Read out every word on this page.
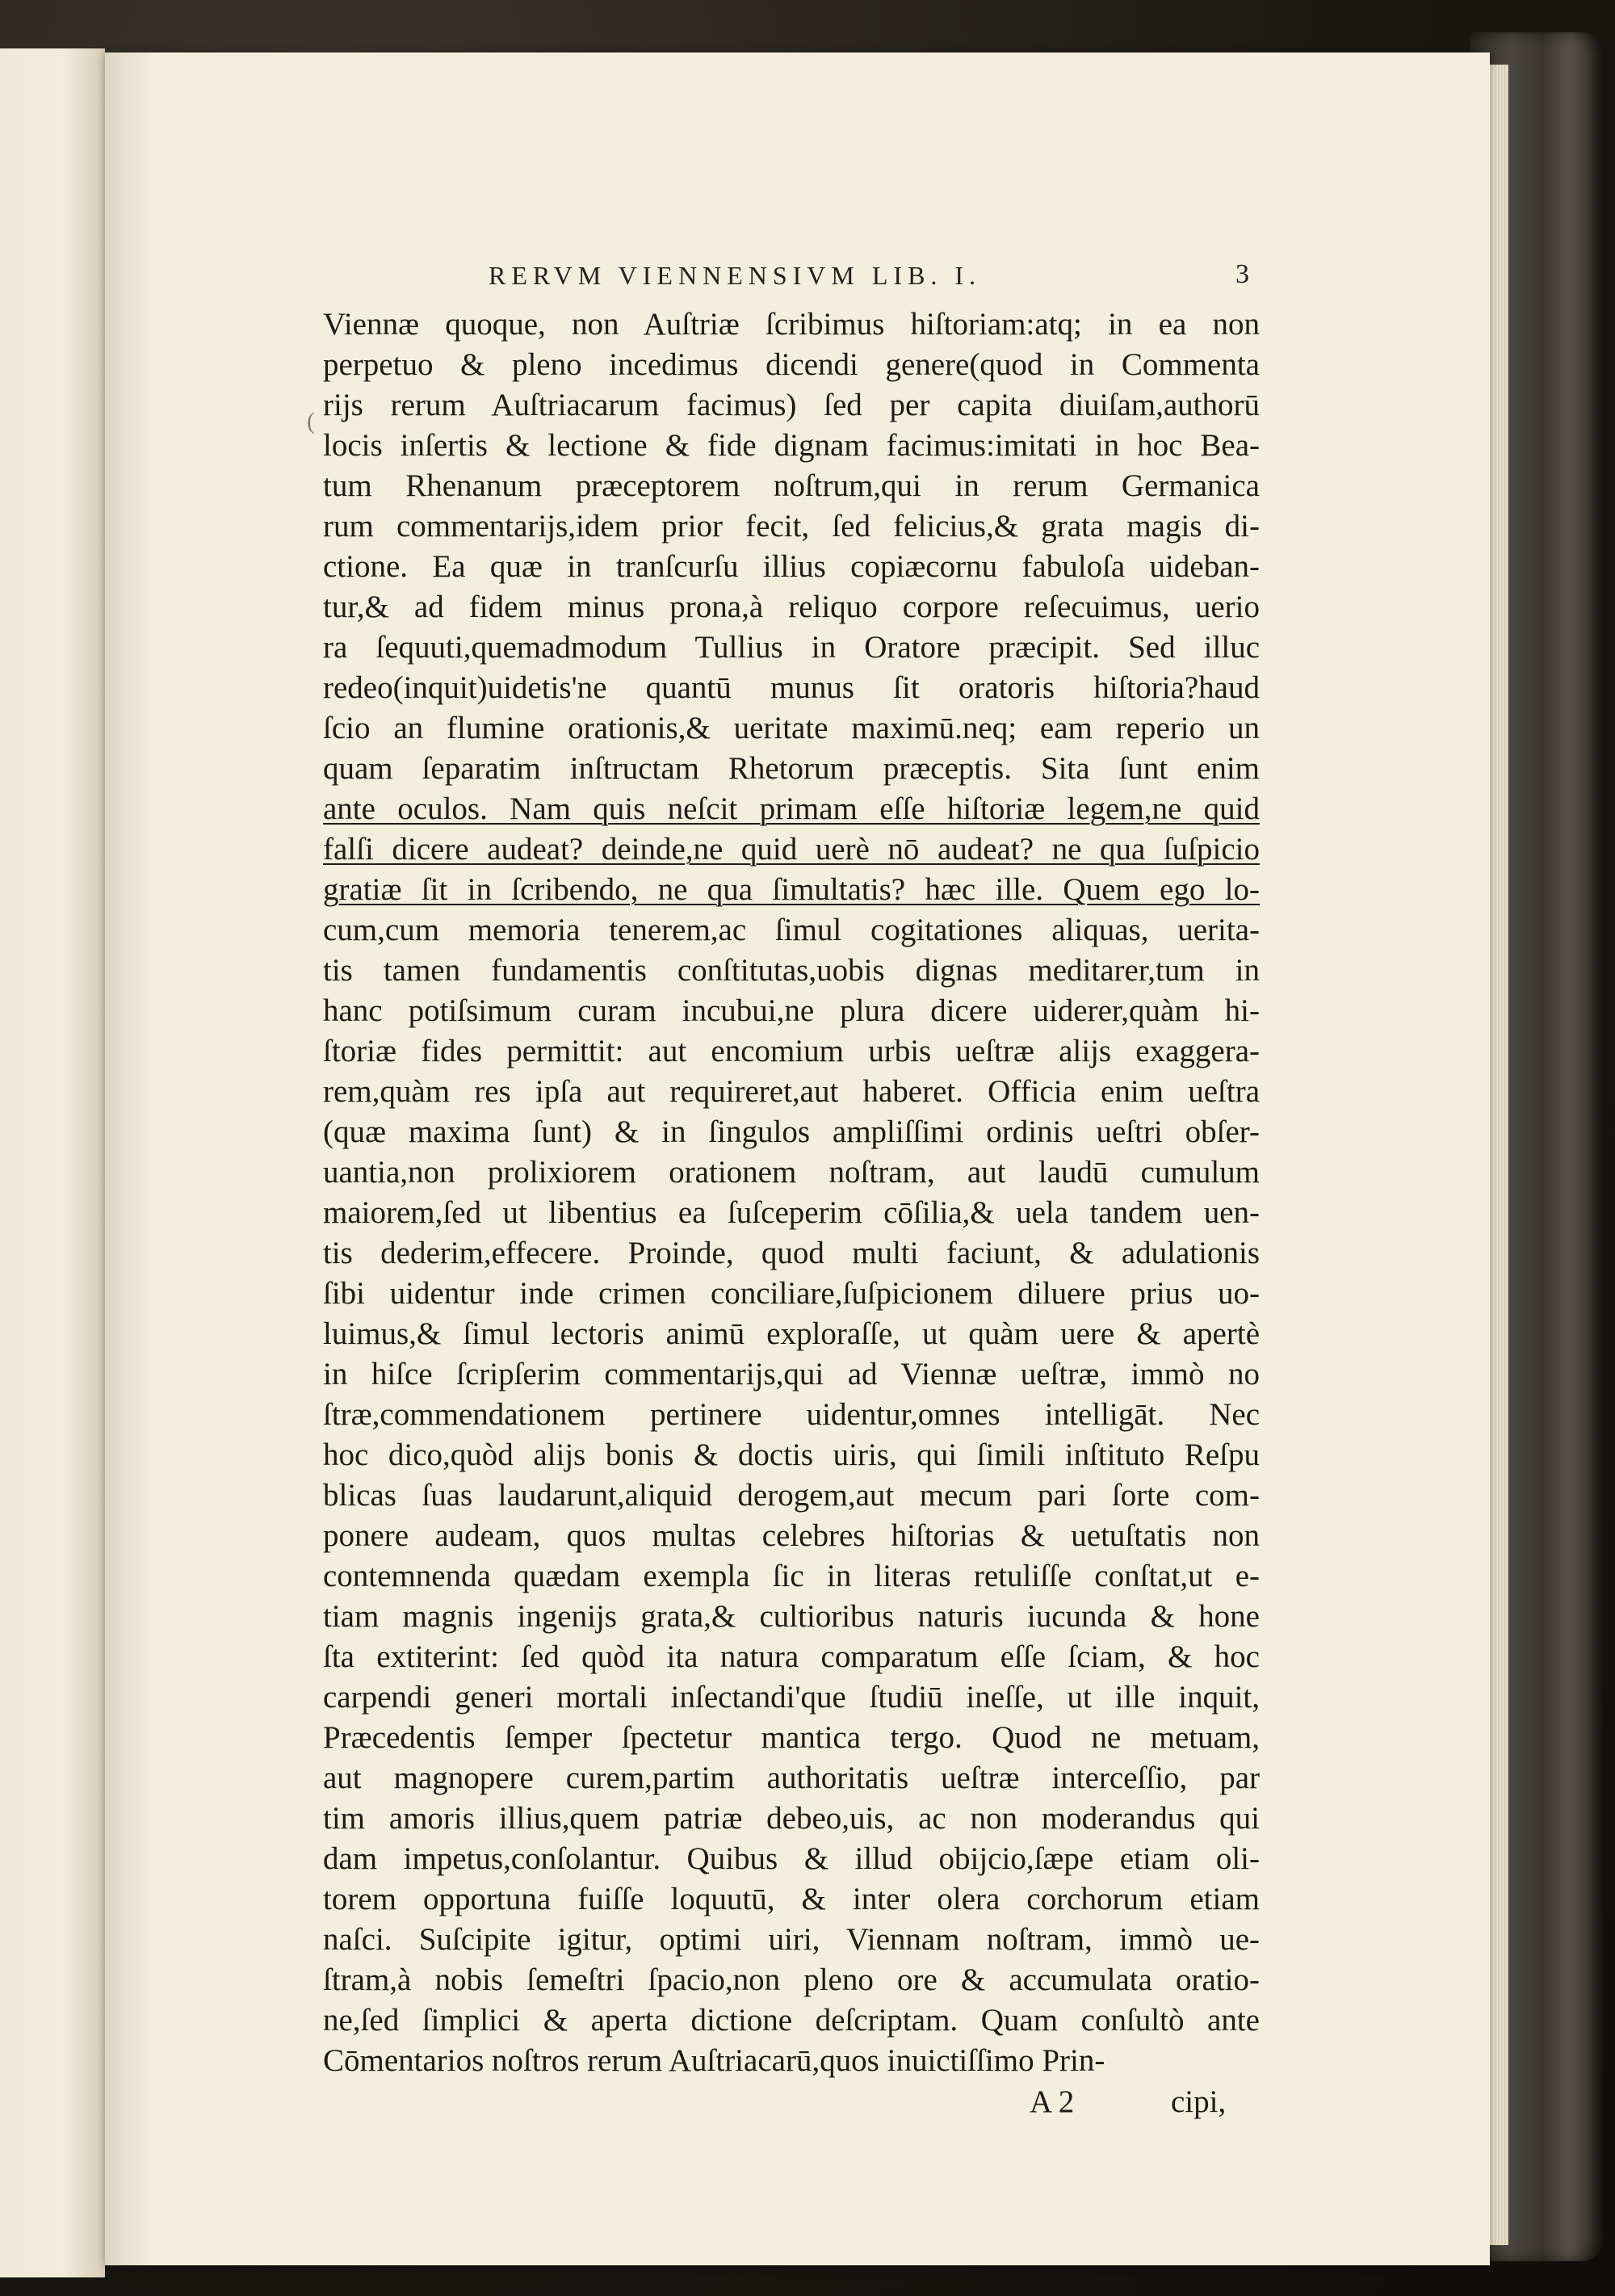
RERVM VIENNENSIVM LIB. I.	3
(
Viennæ quoque, non Auſtriæ ſcribimus hiſtoriam:atq; in ea non
perpetuo & pleno incedimus dicendi genere(quod in Commenta
rijs rerum Auſtriacarum facimus) ſed per capita diuiſam,authorū
locis inſertis & lectione & fide dignam facimus:imitati in hoc Bea-
tum Rhenanum præceptorem noſtrum,qui in rerum Germanica
rum commentarijs,idem prior fecit, ſed felicius,& grata magis di-
ctione. Ea quæ in tranſcurſu illius copiæcornu fabuloſa uideban-
tur,& ad fidem minus prona,à reliquo corpore reſecuimus, uerio
ra ſequuti,quemadmodum Tullius in Oratore præcipit. Sed illuc
redeo(inquit)uidetis'ne quantū munus ſit oratoris hiſtoria?haud
ſcio an flumine orationis,& ueritate maximū.neq; eam reperio un
quam ſeparatim inſtructam Rhetorum præceptis. Sita ſunt enim
ante oculos. Nam quis neſcit primam eſſe hiſtoriæ legem,ne quid
falſi dicere audeat? deinde,ne quid uerè nō audeat? ne qua ſuſpicio
gratiæ ſit in ſcribendo, ne qua ſimultatis? hæc ille. Quem ego lo-
cum,cum memoria tenerem,ac ſimul cogitationes aliquas, uerita-
tis tamen fundamentis conſtitutas,uobis dignas meditarer,tum in
hanc potiſsimum curam incubui,ne plura dicere uiderer,quàm hi-
ſtoriæ fides permittit: aut encomium urbis ueſtræ alijs exaggera-
rem,quàm res ipſa aut requireret,aut haberet. Officia enim ueſtra
(quæ maxima ſunt) & in ſingulos ampliſſimi ordinis ueſtri obſer-
uantia,non prolixiorem orationem noſtram, aut laudū cumulum
maiorem,ſed ut libentius ea ſuſceperim cōſilia,& uela tandem uen-
tis dederim,effecere. Proinde, quod multi faciunt, & adulationis
ſibi uidentur inde crimen conciliare,ſuſpicionem diluere prius uo-
luimus,& ſimul lectoris animū exploraſſe, ut quàm uere & apertè
in hiſce ſcripſerim commentarijs,qui ad Viennæ ueſtræ, immò no
ſtræ,commendationem pertinere uidentur,omnes intelligāt. Nec
hoc dico,quòd alijs bonis & doctis uiris, qui ſimili inſtituto Reſpu
blicas ſuas laudarunt,aliquid derogem,aut mecum pari ſorte com-
ponere audeam, quos multas celebres hiſtorias & uetuſtatis non
contemnenda quædam exempla ſic in literas retuliſſe conſtat,ut e-
tiam magnis ingenijs grata,& cultioribus naturis iucunda & hone
ſta extiterint: ſed quòd ita natura comparatum eſſe ſciam, & hoc
carpendi generi mortali inſectandi'que ſtudiū ineſſe, ut ille inquit,
Præcedentis ſemper ſpectetur mantica tergo. Quod ne metuam,
aut magnopere curem,partim authoritatis ueſtræ interceſſio, par
tim amoris illius,quem patriæ debeo,uis, ac non moderandus qui
dam impetus,conſolantur. Quibus & illud obijcio,ſæpe etiam oli-
torem opportuna fuiſſe loquutū, & inter olera corchorum etiam
naſci. Suſcipite igitur, optimi uiri, Viennam noſtram, immò ue-
ſtram,à nobis ſemeſtri ſpacio,non pleno ore & accumulata oratio-
ne,ſed ſimplici & aperta dictione deſcriptam. Quam conſultò ante
Cōmentarios noſtros rerum Auſtriacarū,quos inuictiſſimo Prin-
A 2	cipi,
